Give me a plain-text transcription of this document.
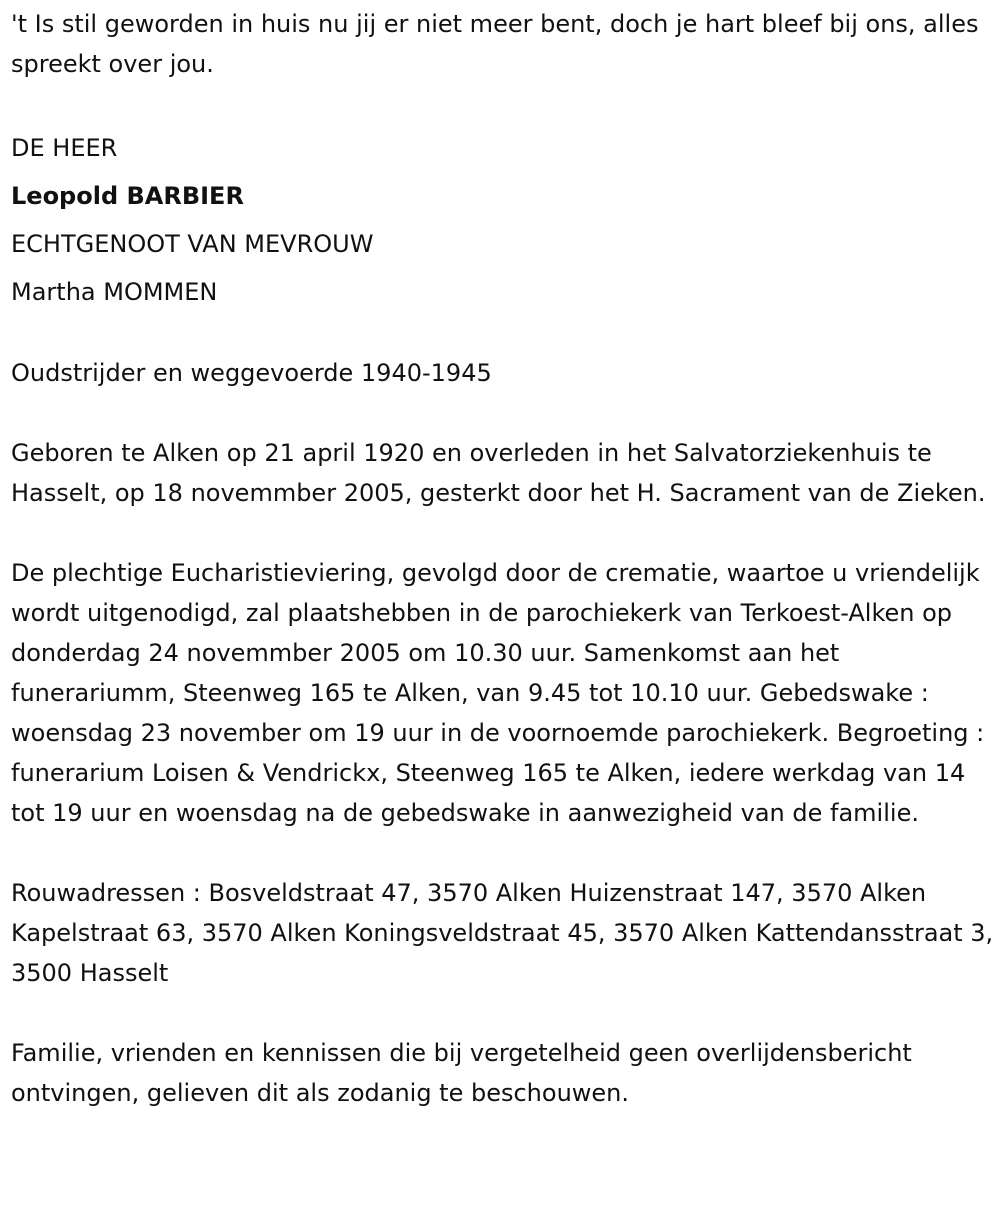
't Is stil geworden in huis nu jij er niet meer bent, doch je hart bleef bij ons, alles spreekt over jou.

DE HEER

Leopold BARBIER

ECHTGENOOT VAN MEVROUW

Martha MOMMEN

Oudstrijder en weggevoerde 1940-1945

Geboren te Alken op 21 april 1920 en overleden in het Salvatorziekenhuis te Hasselt, op 18 novemmber 2005, gesterkt door het H. Sacrament van de Zieken.

De plechtige Eucharistieviering, gevolgd door de crematie, waartoe u vriendelijk wordt uitgenodigd, zal plaatshebben in de parochiekerk van Terkoest-Alken op donderdag 24 novemmber 2005 om 10.30 uur. Samenkomst aan het funerariumm, Steenweg 165 te Alken, van 9.45 tot 10.10 uur. Gebedswake : woensdag 23 november om 19 uur in de voornoemde parochiekerk. Begroeting : funerarium Loisen & Vendrickx, Steenweg 165 te Alken, iedere werkdag van 14 tot 19 uur en woensdag na de gebedswake in aanwezigheid van de familie.

Rouwadressen : Bosveldstraat 47, 3570 Alken Huizenstraat 147, 3570 Alken Kapelstraat 63, 3570 Alken Koningsveldstraat 45, 3570 Alken Kattendansstraat 3, 3500 Hasselt

Familie, vrienden en kennissen die bij vergetelheid geen overlijdensbericht ontvingen, gelieven dit als zodanig te beschouwen.
